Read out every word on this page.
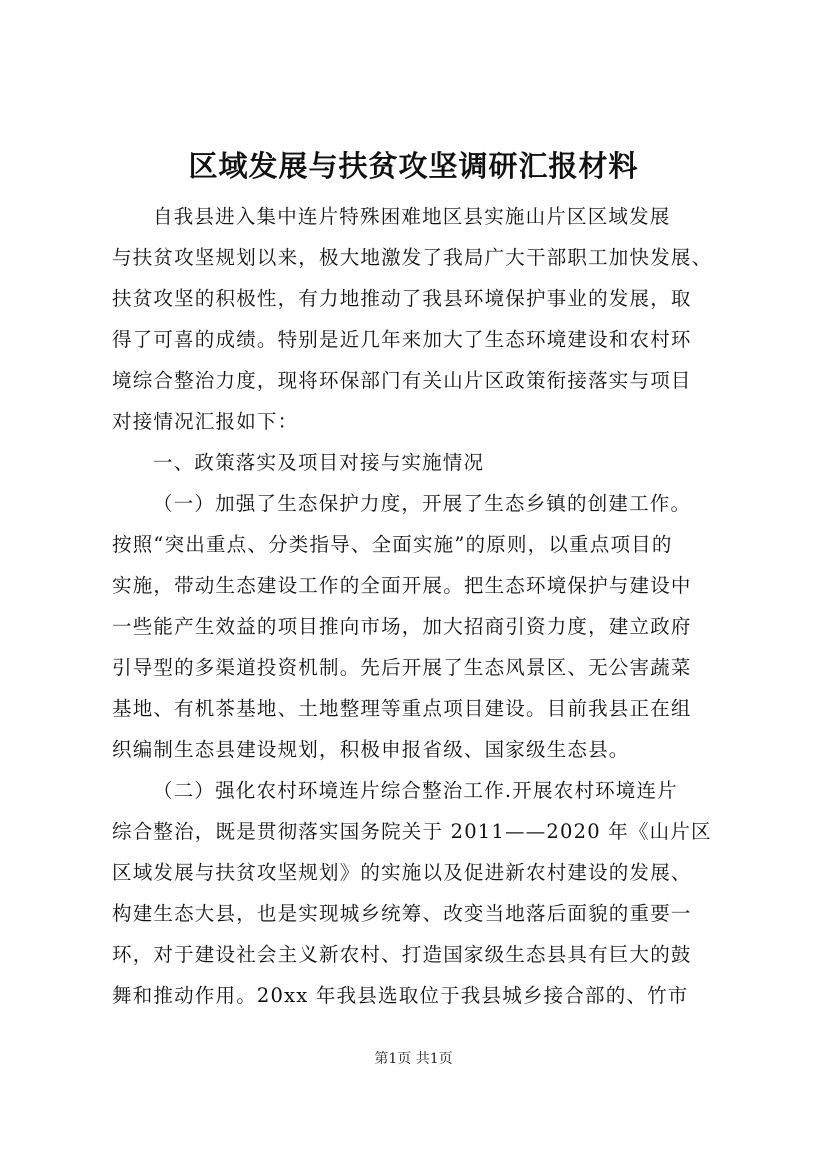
区域发展与扶贫攻坚调研汇报材料
自我县进入集中连片特殊困难地区县实施山片区区域发展
与扶贫攻坚规划以来，极大地激发了我局广大干部职工加快发展、
扶贫攻坚的积极性，有力地推动了我县环境保护事业的发展，取
得了可喜的成绩。特别是近几年来加大了生态环境建设和农村环
境综合整治力度，现将环保部门有关山片区政策衔接落实与项目
对接情况汇报如下：
一、政策落实及项目对接与实施情况
（一）加强了生态保护力度，开展了生态乡镇的创建工作。
按照“突出重点、分类指导、全面实施”的原则，以重点项目的
实施，带动生态建设工作的全面开展。把生态环境保护与建设中
一些能产生效益的项目推向市场，加大招商引资力度，建立政府
引导型的多渠道投资机制。先后开展了生态风景区、无公害蔬菜
基地、有机茶基地、土地整理等重点项目建设。目前我县正在组
织编制生态县建设规划，积极申报省级、国家级生态县。
（二）强化农村环境连片综合整治工作.开展农村环境连片
综合整治，既是贯彻落实国务院关于 2011——2020 年《山片区
区域发展与扶贫攻坚规划》的实施以及促进新农村建设的发展、
构建生态大县，也是实现城乡统筹、改变当地落后面貌的重要一
环，对于建设社会主义新农村、打造国家级生态县具有巨大的鼓
舞和推动作用。20xx 年我县选取位于我县城乡接合部的、竹市
第1页 共1页
